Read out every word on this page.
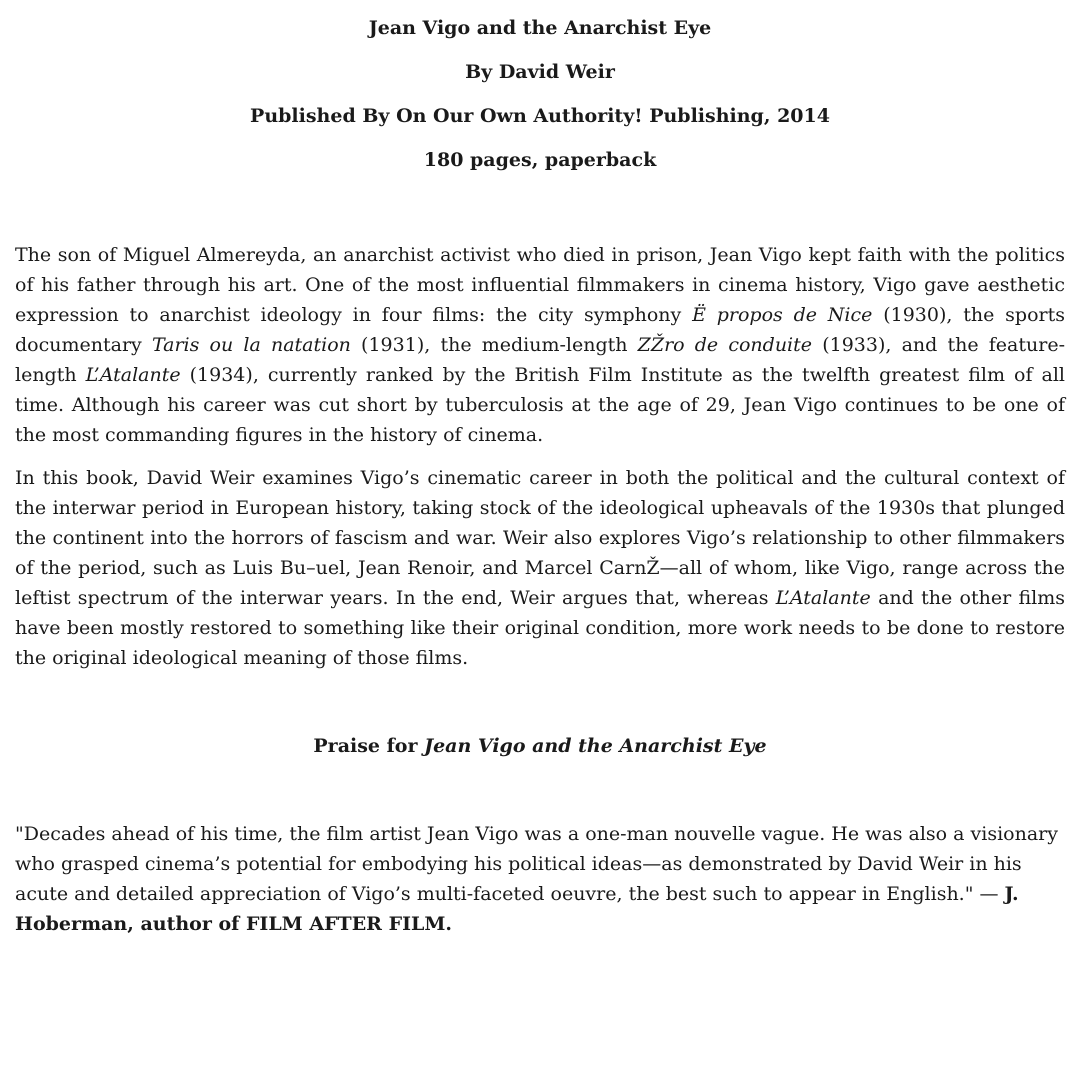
Jean Vigo and the Anarchist Eye

By David Weir

Published By On Our Own Authority! Publishing, 2014

180 pages, paperback

The son of Miguel Almereyda, an anarchist activist who died in prison, Jean Vigo kept faith with the politics of his father through his art. One of the most influential filmmakers in cinema history, Vigo gave aesthetic expression to anarchist ideology in four films: the city symphony Ë propos de Nice (1930), the sports documentary Taris ou la natation (1931), the medium-length ZŽro de conduite (1933), and the feature-length L’Atalante (1934), currently ranked by the British Film Institute as the twelfth greatest film of all time. Although his career was cut short by tuberculosis at the age of 29, Jean Vigo continues to be one of the most commanding figures in the history of cinema.

In this book, David Weir examines Vigo’s cinematic career in both the political and the cultural context of the interwar period in European history, taking stock of the ideological upheavals of the 1930s that plunged the continent into the horrors of fascism and war. Weir also explores Vigo’s relationship to other filmmakers of the period, such as Luis Bu–uel, Jean Renoir, and Marcel CarnŽ—all of whom, like Vigo, range across the leftist spectrum of the interwar years. In the end, Weir argues that, whereas L’Atalante and the other films have been mostly restored to something like their original condition, more work needs to be done to restore the original ideological meaning of those films.

Praise for Jean Vigo and the Anarchist Eye

"Decades ahead of his time, the film artist Jean Vigo was a one-man nouvelle vague. He was also a visionary who grasped cinema’s potential for embodying his political ideas—as demonstrated by David Weir in his acute and detailed appreciation of Vigo’s multi-faceted oeuvre, the best such to appear in English." — J. Hoberman, author of FILM AFTER FILM.
